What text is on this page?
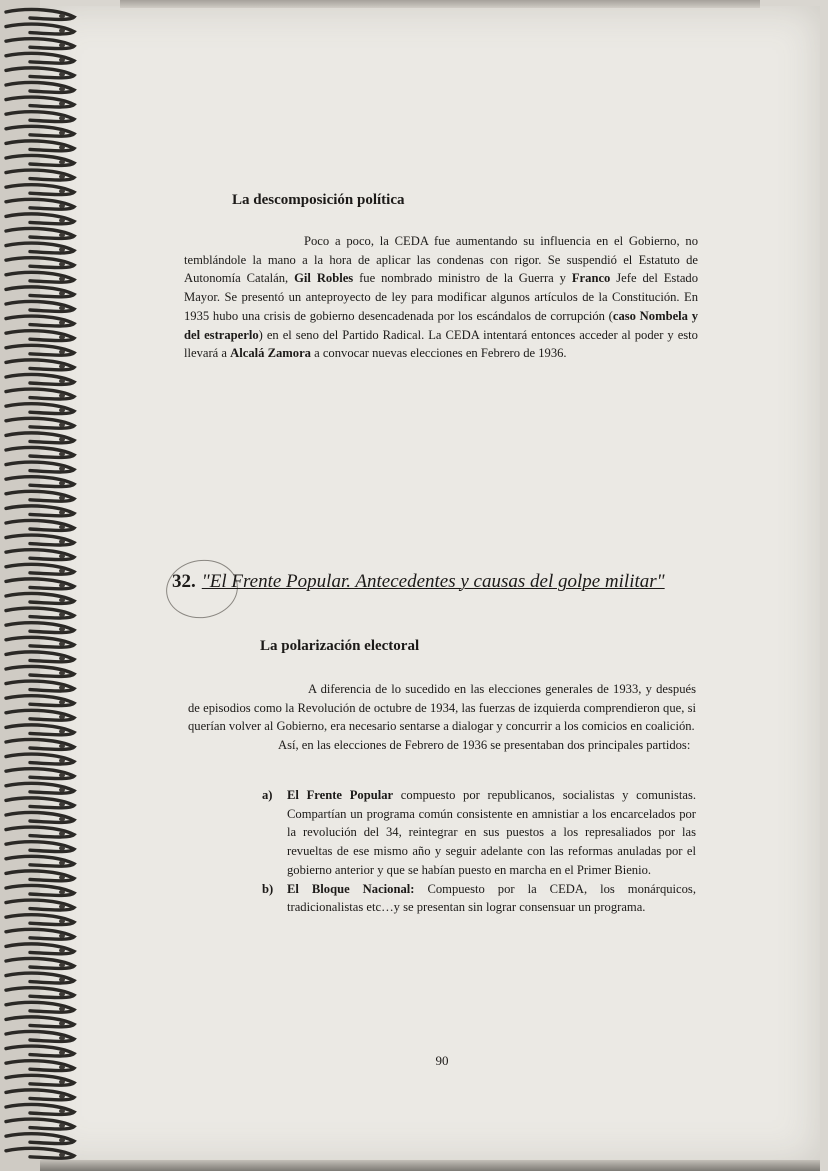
La descomposición política

Poco a poco, la CEDA fue aumentando su influencia en el Gobierno, no temblándole la mano a la hora de aplicar las condenas con rigor. Se suspendió el Estatuto de Autonomía Catalán, Gil Robles fue nombrado ministro de la Guerra y Franco Jefe del Estado Mayor. Se presentó un anteproyecto de ley para modificar algunos artículos de la Constitución. En 1935 hubo una crisis de gobierno desencadenada por los escándalos de corrupción (caso Nombela y del estraperlo) en el seno del Partido Radical. La CEDA intentará entonces acceder al poder y esto llevará a Alcalá Zamora a convocar nuevas elecciones en Febrero de 1936.

32. "El Frente Popular. Antecedentes y causas del golpe militar"
La polarización electoral

A diferencia de lo sucedido en las elecciones generales de 1933, y después de episodios como la Revolución de octubre de 1934, las fuerzas de izquierda comprendieron que, si querían volver al Gobierno, era necesario sentarse a dialogar y concurrir a los comicios en coalición.

Así, en las elecciones de Febrero de 1936 se presentaban dos principales partidos:

a) El Frente Popular compuesto por republicanos, socialistas y comunistas. Compartían un programa común consistente en amnistiar a los encarcelados por la revolución del 34, reintegrar en sus puestos a los represaliados por las revueltas de ese mismo año y seguir adelante con las reformas anuladas por el gobierno anterior y que se habían puesto en marcha en el Primer Bienio.
b) El Bloque Nacional: Compuesto por la CEDA, los monárquicos, tradicionalistas etc…y se presentan sin lograr consensuar un programa.
90
